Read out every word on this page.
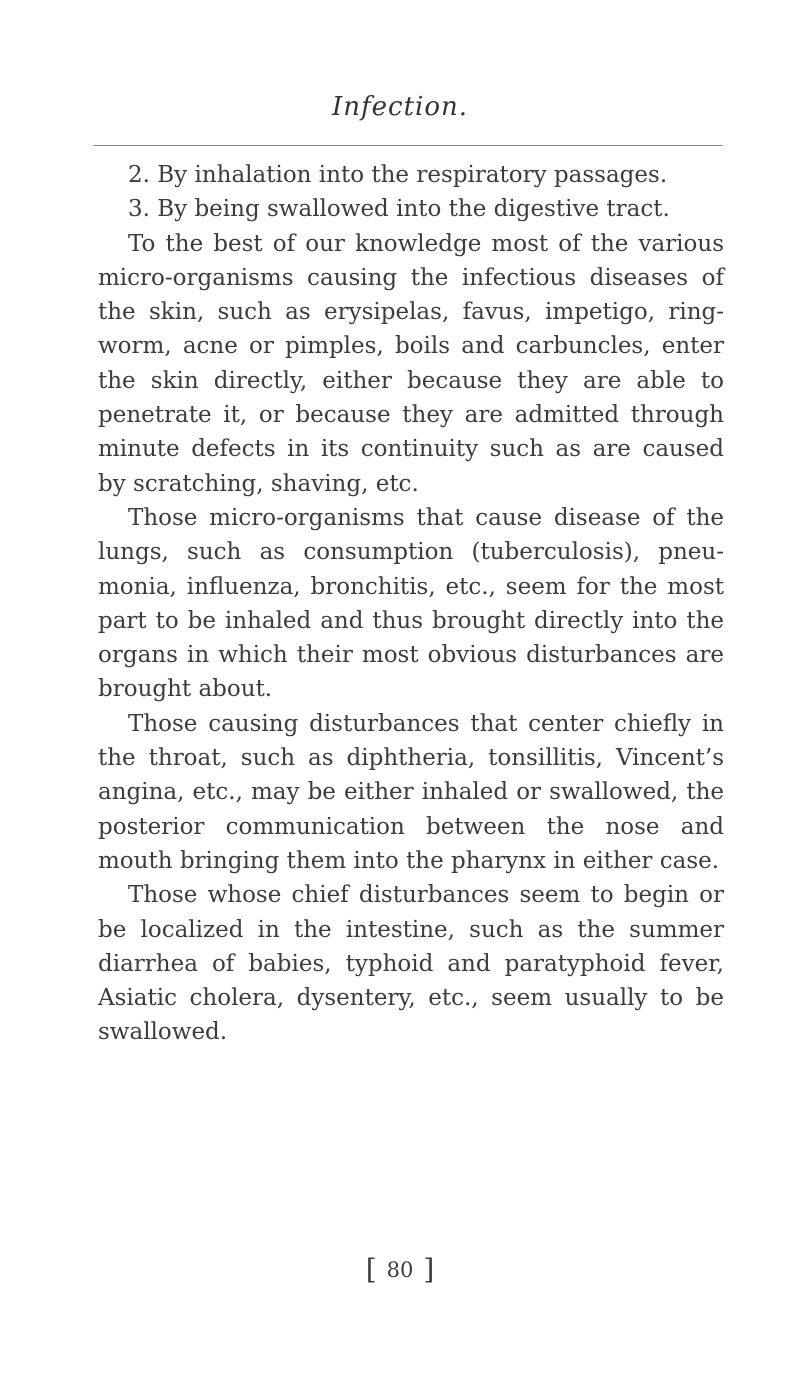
Infection.

2. By inhalation into the respiratory passages.

3. By being swallowed into the digestive tract.

To the best of our knowledge most of the various micro-organisms causing the infectious diseases of the skin, such as erysipelas, favus, impetigo, ring-worm, acne or pimples, boils and carbuncles, enter the skin directly, either because they are able to penetrate it, or because they are admitted through minute defects in its continuity such as are caused by scratching, shaving, etc.

Those micro-organisms that cause disease of the lungs, such as consumption (tuberculosis), pneu-monia, influenza, bronchitis, etc., seem for the most part to be inhaled and thus brought directly into the organs in which their most obvious disturbances are brought about.

Those causing disturbances that center chiefly in the throat, such as diphtheria, tonsillitis, Vincent’s angina, etc., may be either inhaled or swallowed, the posterior communication between the nose and mouth bringing them into the pharynx in either case.

Those whose chief disturbances seem to begin or be localized in the intestine, such as the summer diarrhea of babies, typhoid and paratyphoid fever, Asiatic cholera, dysentery, etc., seem usually to be swallowed.

[ 80 ]
